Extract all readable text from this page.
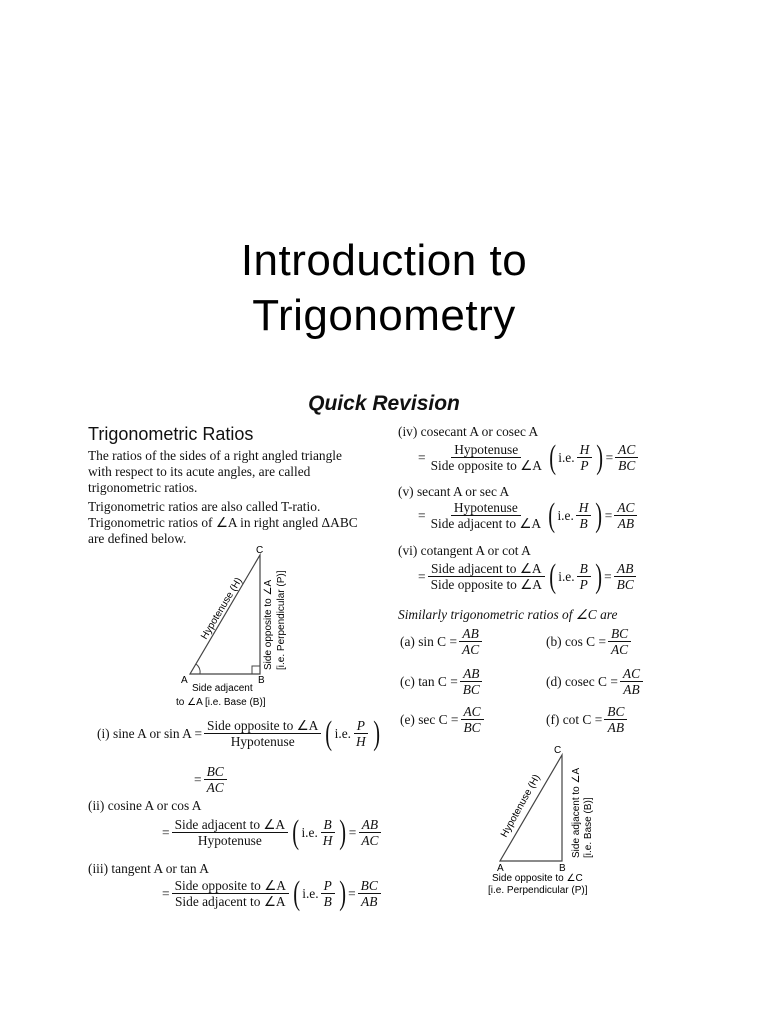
Introduction to
Trigonometry
Quick Revision
Trigonometric Ratios
The ratios of the sides of a right angled triangle
with respect to its acute angles, are called
trigonometric ratios.
Trigonometric ratios are also called T-ratio.
Trigonometric ratios of ∠A in right angled ΔABC
are defined below.
A	B
C
Hypotenuse (H) Side opposite to ∠A [i.e. Perpendicular (P)]
Side adjacent
to ∠A [i.e. Base (B)]
(i) sine A or sin A = Side opposite to ∠A
Hypotenuse ( i.e. $\frac{P}{H}$ )
= $\frac{BC}{AC}$
(ii) cosine A or cos A
= Side adjacent to ∠A
Hypotenuse ( i.e. $\frac{B}{H}$ ) = $\frac{AB}{AC}$
(iii) tangent A or tan A
= Side opposite to ∠A
Side adjacent to ∠A ( i.e. $\frac{P}{B}$ ) = $\frac{BC}{AB}$
(iv) cosecant A or cosec A
= Hypotenuse
Side opposite to ∠A ( i.e. $\frac{H}{P}$ ) = $\frac{AC}{BC}$
(v) secant A or sec A
= Hypotenuse
Side adjacent to ∠A ( i.e. $\frac{H}{B}$ ) = $\frac{AC}{AB}$
(vi) cotangent A or cot A
= Side adjacent to ∠A
Side opposite to ∠A ( i.e. $\frac{B}{P}$ ) = $\frac{AB}{BC}$
Similarly trigonometric ratios of ∠C are
(a) $\sin C = \frac{AB}{AC}$	(b) $\cos C = \frac{BC}{AC}$
(c) $\tan C = \frac{AB}{BC}$	(d) cosec $C = \frac{AC}{AB}$
(e) $\sec C = \frac{AC}{BC}$	(f) $\cot C = \frac{BC}{AB}$
C
A	B
Hypotenuse (H)	Side adjacent to ∠A [i.e. Base (B)]
Side opposite to ∠C
[i.e. Perpendicular (P)]
